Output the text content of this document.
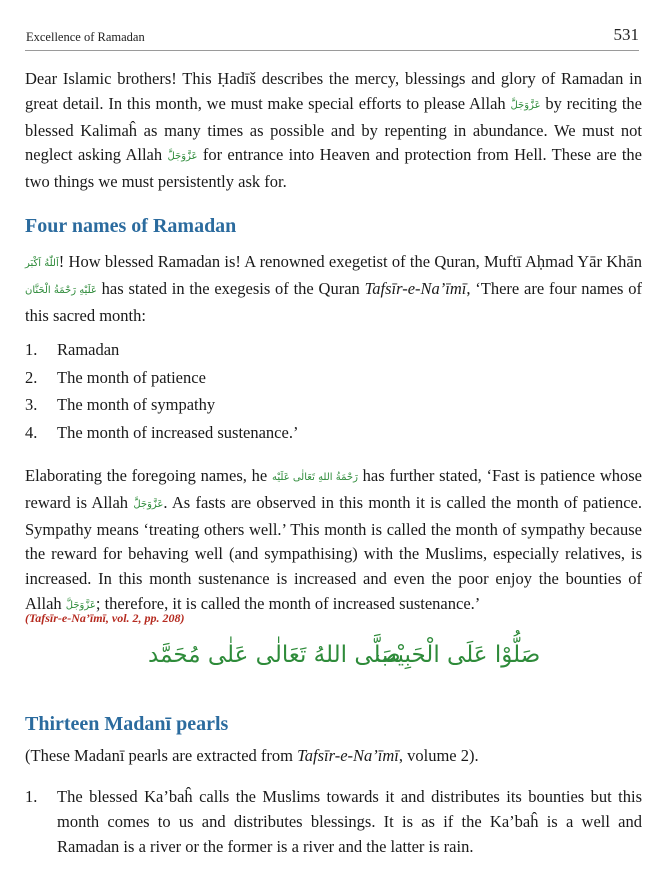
Excellence of Ramadan	531

Dear Islamic brothers! This Ḥadīš describes the mercy, blessings and glory of Ramadan in great detail. In this month, we must make special efforts to please Allah عَزَّوَجَلَّ by reciting the blessed Kalimaĥ as many times as possible and by repenting in abundance. We must not neglect asking Allah عَزَّوَجَلَّ for entrance into Heaven and protection from Hell. These are the two things we must persistently ask for.

Four names of Ramadan

اَللّٰهُ اَكْبَر! How blessed Ramadan is! A renowned exegetist of the Quran, Muftī Aḥmad Yār Khān عَلَيْهِ رَحْمَةُ الْحَنَّان has stated in the exegesis of the Quran Tafsīr-e-Na’īmī, ‘There are four names of this sacred month:

1. Ramadan
2. The month of patience
3. The month of sympathy
4. The month of increased sustenance.’

Elaborating the foregoing names, he رَحْمَةُ اللهِ تَعَالٰی عَلَيْه has further stated, ‘Fast is patience whose reward is Allah عَزَّوَجَلَّ. As fasts are observed in this month it is called the month of patience. Sympathy means ‘treating others well.’ This month is called the month of sympathy because the reward for behaving well (and sympathising) with the Muslims, especially relatives, is increased. In this month sustenance is increased and even the poor enjoy the bounties of Allah عَزَّوَجَلَّ; therefore, it is called the month of increased sustenance.’

(Tafsīr-e-Na’īmī, vol. 2, pp. 208)

صَلُّوْا عَلَى الْحَبِيْب
صَلَّى اللهُ تَعَالٰى عَلٰى مُحَمَّد
Thirteen Madanī pearls

(These Madanī pearls are extracted from Tafsīr-e-Na’īmī, volume 2).

1. The blessed Ka’baĥ calls the Muslims towards it and distributes its bounties but this month comes to us and distributes blessings. It is as if the Ka’baĥ is a well and Ramadan is a river or the former is a river and the latter is rain.
